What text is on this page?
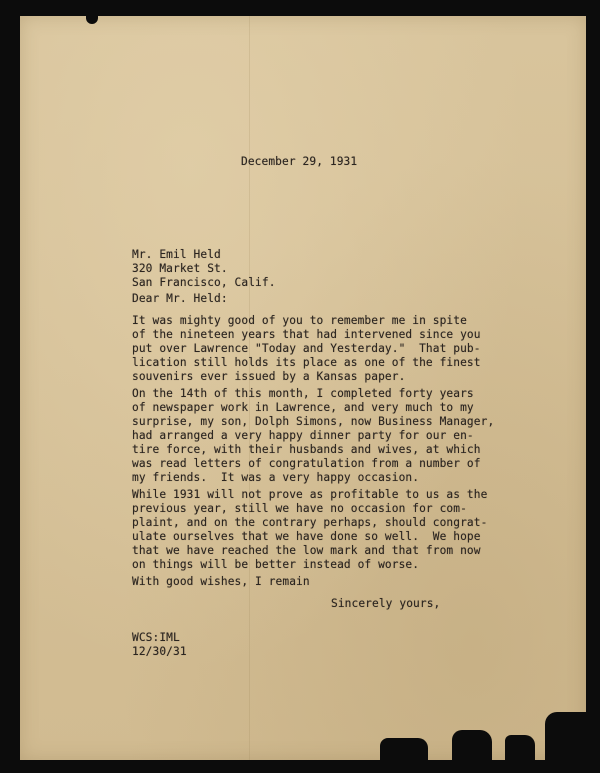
December 29, 1931
Mr. Emil Held
320 Market St.
San Francisco, Calif.
Dear Mr. Held:
It was mighty good of you to remember me in spite
of the nineteen years that had intervened since you
put over Lawrence "Today and Yesterday."  That pub-
lication still holds its place as one of the finest
souvenirs ever issued by a Kansas paper.
On the 14th of this month, I completed forty years
of newspaper work in Lawrence, and very much to my
surprise, my son, Dolph Simons, now Business Manager,
had arranged a very happy dinner party for our en-
tire force, with their husbands and wives, at which
was read letters of congratulation from a number of
my friends.  It was a very happy occasion.
While 1931 will not prove as profitable to us as the
previous year, still we have no occasion for com-
plaint, and on the contrary perhaps, should congrat-
ulate ourselves that we have done so well.  We hope
that we have reached the low mark and that from now
on things will be better instead of worse.
With good wishes, I remain
Sincerely yours,
WCS:IML
12/30/31
